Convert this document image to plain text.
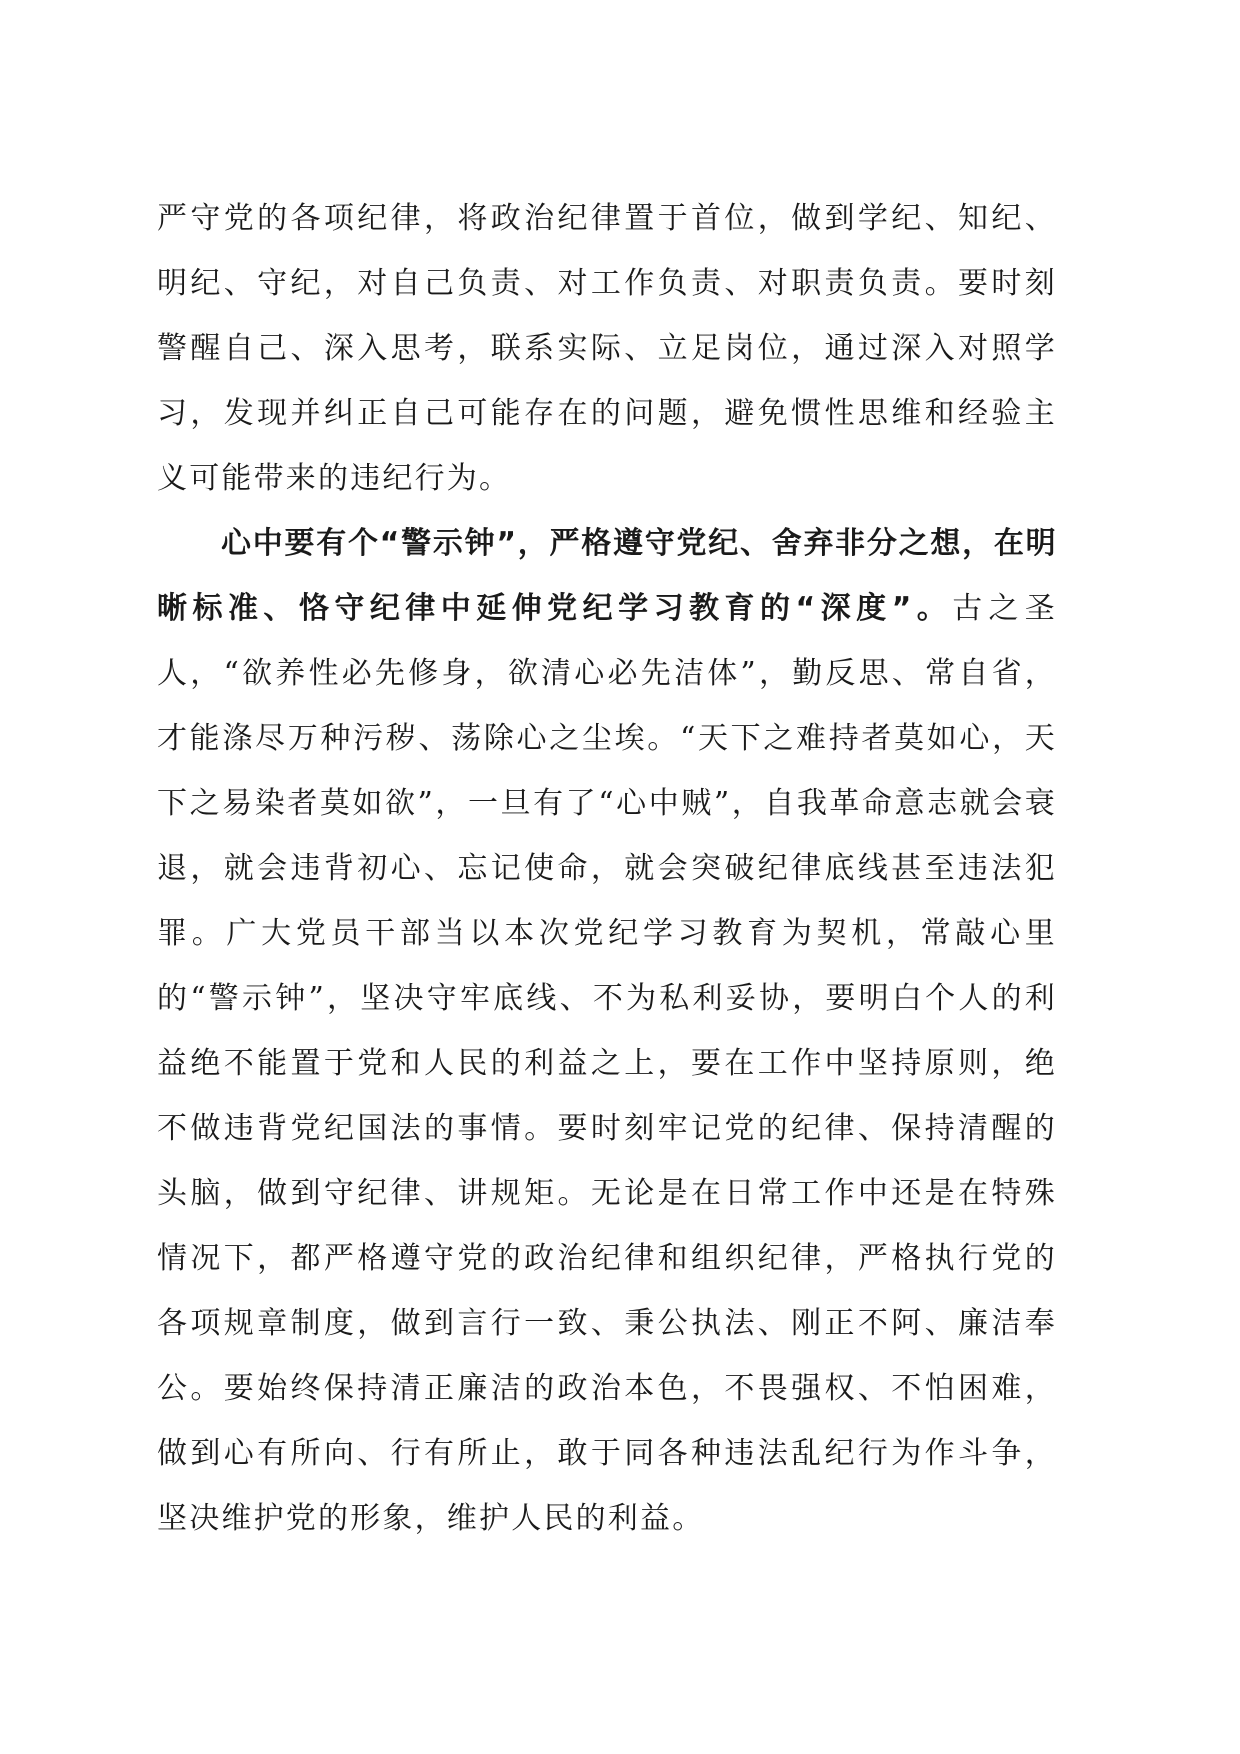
严守党的各项纪律，将政治纪律置于首位，做到学纪、知纪、明纪、守纪，对自己负责、对工作负责、对职责负责。要时刻警醒自己、深入思考，联系实际、立足岗位，通过深入对照学习，发现并纠正自己可能存在的问题，避免惯性思维和经验主义可能带来的违纪行为。

心中要有个“警示钟”，严格遵守党纪、舍弃非分之想，在明晰标准、恪守纪律中延伸党纪学习教育的“深度”。古之圣人，“欲养性必先修身，欲清心必先洁体”，勤反思、常自省，才能涤尽万种污秽、荡除心之尘埃。“天下之难持者莫如心，天下之易染者莫如欲”，一旦有了“心中贼”，自我革命意志就会衰退，就会违背初心、忘记使命，就会突破纪律底线甚至违法犯罪。广大党员干部当以本次党纪学习教育为契机，常敲心里的“警示钟”，坚决守牢底线、不为私利妥协，要明白个人的利益绝不能置于党和人民的利益之上，要在工作中坚持原则，绝不做违背党纪国法的事情。要时刻牢记党的纪律、保持清醒的头脑，做到守纪律、讲规矩。无论是在日常工作中还是在特殊情况下，都严格遵守党的政治纪律和组织纪律，严格执行党的各项规章制度，做到言行一致、秉公执法、刚正不阿、廉洁奉公。要始终保持清正廉洁的政治本色，不畏强权、不怕困难，做到心有所向、行有所止，敢于同各种违法乱纪行为作斗争，坚决维护党的形象，维护人民的利益。
